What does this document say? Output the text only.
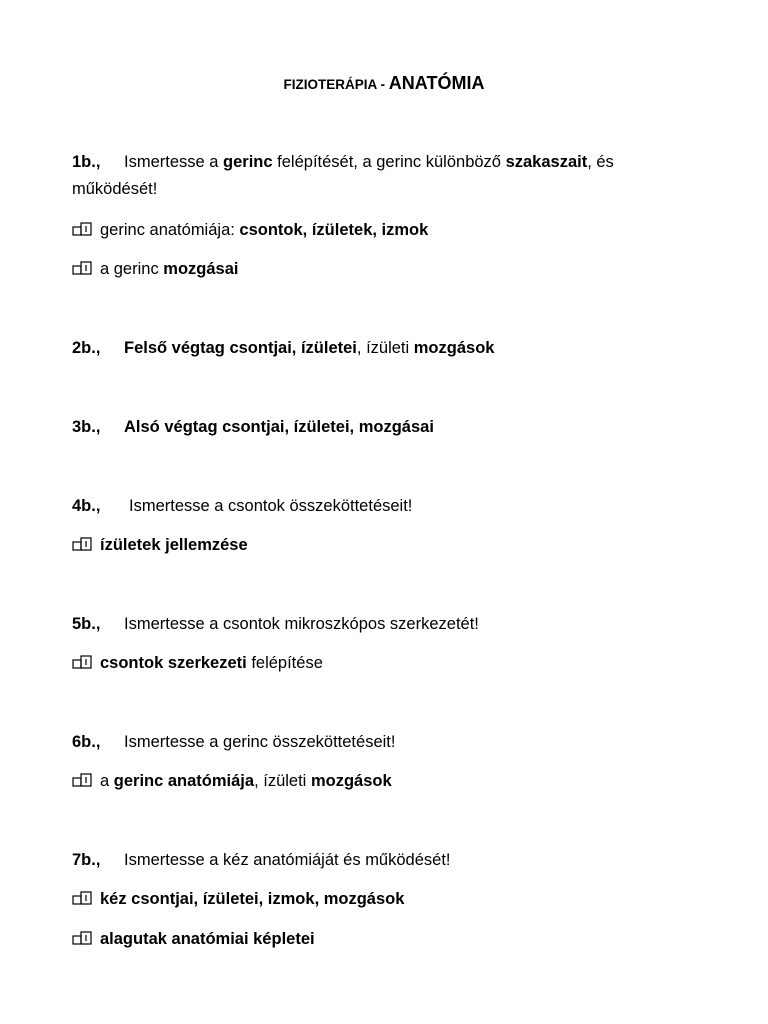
FIZIOTERÁPIA - ANATÓMIA
1b., Ismertesse a gerinc felépítését, a gerinc különböző szakaszait, és működését!
gerinc anatómiája: csontok, ízületek, izmok
a gerinc mozgásai
2b., Felső végtag csontjai, ízületei, ízületi mozgások
3b., Alsó végtag csontjai, ízületei, mozgásai
4b., Ismertesse a csontok összeköttetéseit!
ízületek jellemzése
5b., Ismertesse a csontok mikroszkópos szerkezetét!
csontok szerkezeti felépítése
6b., Ismertesse a gerinc összeköttetéseit!
a gerinc anatómiája, ízületi mozgások
7b., Ismertesse a kéz anatómiáját és működését!
kéz csontjai, ízületei, izmok, mozgások
alagutak anatómiai képletei
